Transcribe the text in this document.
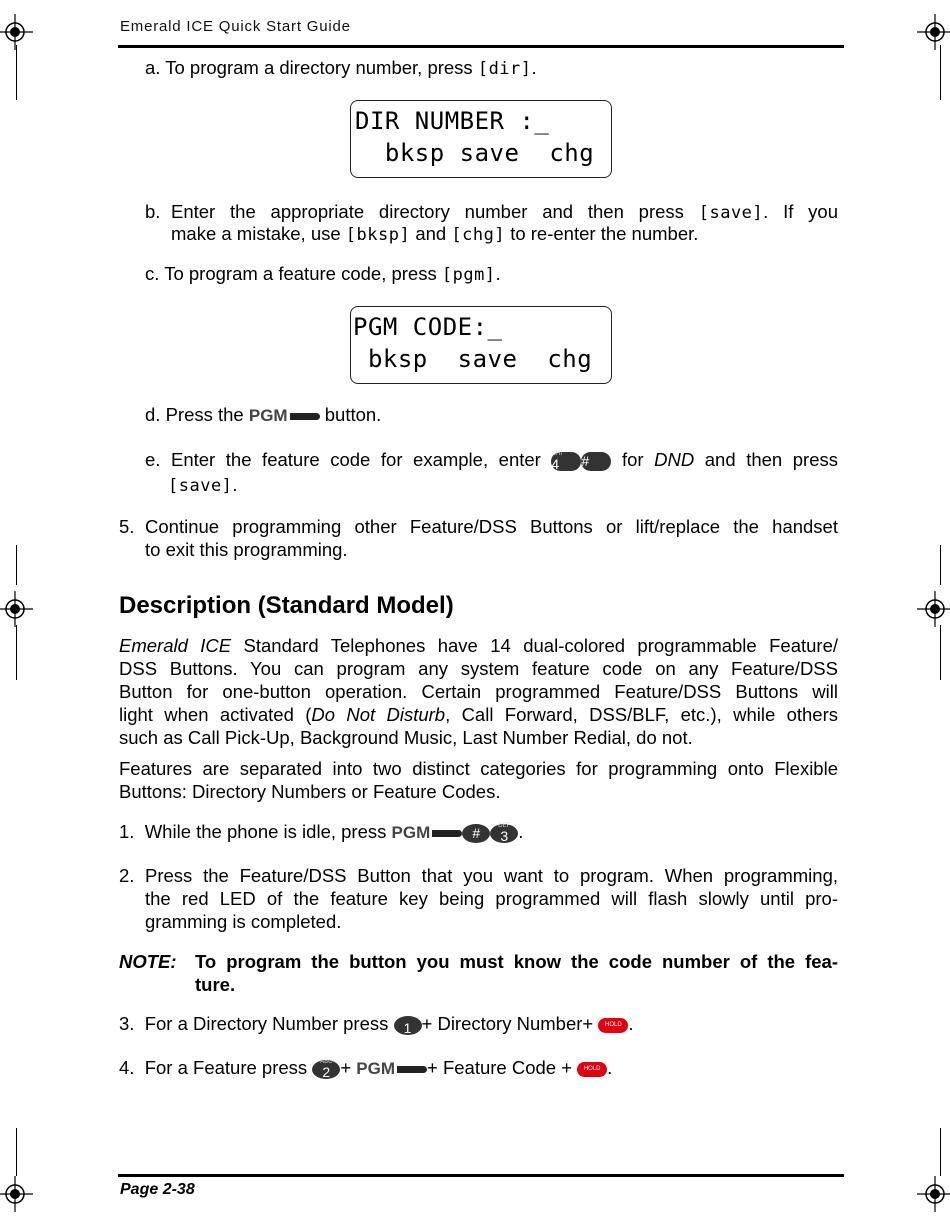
Emerald ICE Quick Start Guide
a. To program a directory number, press [dir].
DIR NUMBER :_
bksp save  chg
b. Enter the appropriate directory number and then press [save]. If you
make a mistake, use [bksp] and [chg] to re-enter the number.
c. To program a feature code, press [pgm].
PGM CODE:_
bksp  save  chg
d. Press the PGM button.
e. Enter the feature code for example, enter GHI
4 # for DND and then press
[save].
5. Continue programming other Feature/DSS Buttons or lift/replace the handset
to exit this programming.
Description (Standard Model)
Emerald ICE Standard Telephones have 14 dual-colored programmable Feature/
DSS Buttons. You can program any system feature code on any Feature/DSS
Button for one-button operation. Certain programmed Feature/DSS Buttons will
light when activated (Do Not Disturb, Call Forward, DSS/BLF, etc.), while others
such as Call Pick-Up, Background Music, Last Number Redial, do not.
Features are separated into two distinct categories for programming onto Flexible
Buttons: Directory Numbers or Feature Codes.
1. While the phone is idle, press PGM	#	DEF
3 .
2. Press the Feature/DSS Button that you want to program. When programming,
the red LED of the feature key being programmed will flash slowly until pro-
gramming is completed.
NOTE: To program the button you must know the code number of the fea-
ture.
3. For a Directory Number press 1 + Directory Number+ HOLD .
4. For a Feature press	ABC
2 + PGM + Feature Code + HOLD .
Page 2-38
